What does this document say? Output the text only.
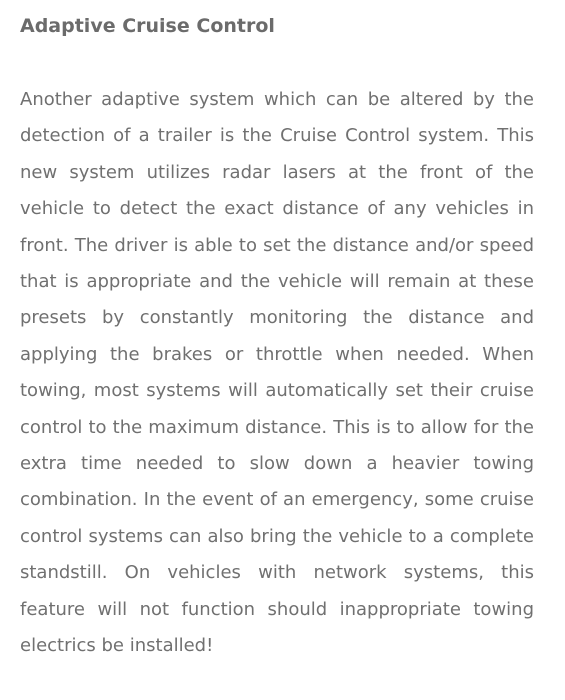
Adaptive Cruise Control

Another adaptive system which can be altered by the detection of a trailer is the Cruise Control system. This new system utilizes radar lasers at the front of the vehicle to detect the exact distance of any vehicles in front. The driver is able to set the distance and/or speed that is appropriate and the vehicle will remain at these presets by constantly monitoring the distance and applying the brakes or throttle when needed. When towing, most systems will automatically set their cruise control to the maximum distance. This is to allow for the extra time needed to slow down a heavier towing combination. In the event of an emergency, some cruise control systems can also bring the vehicle to a complete standstill. On vehicles with network systems, this feature will not function should inappropriate towing electrics be installed!
